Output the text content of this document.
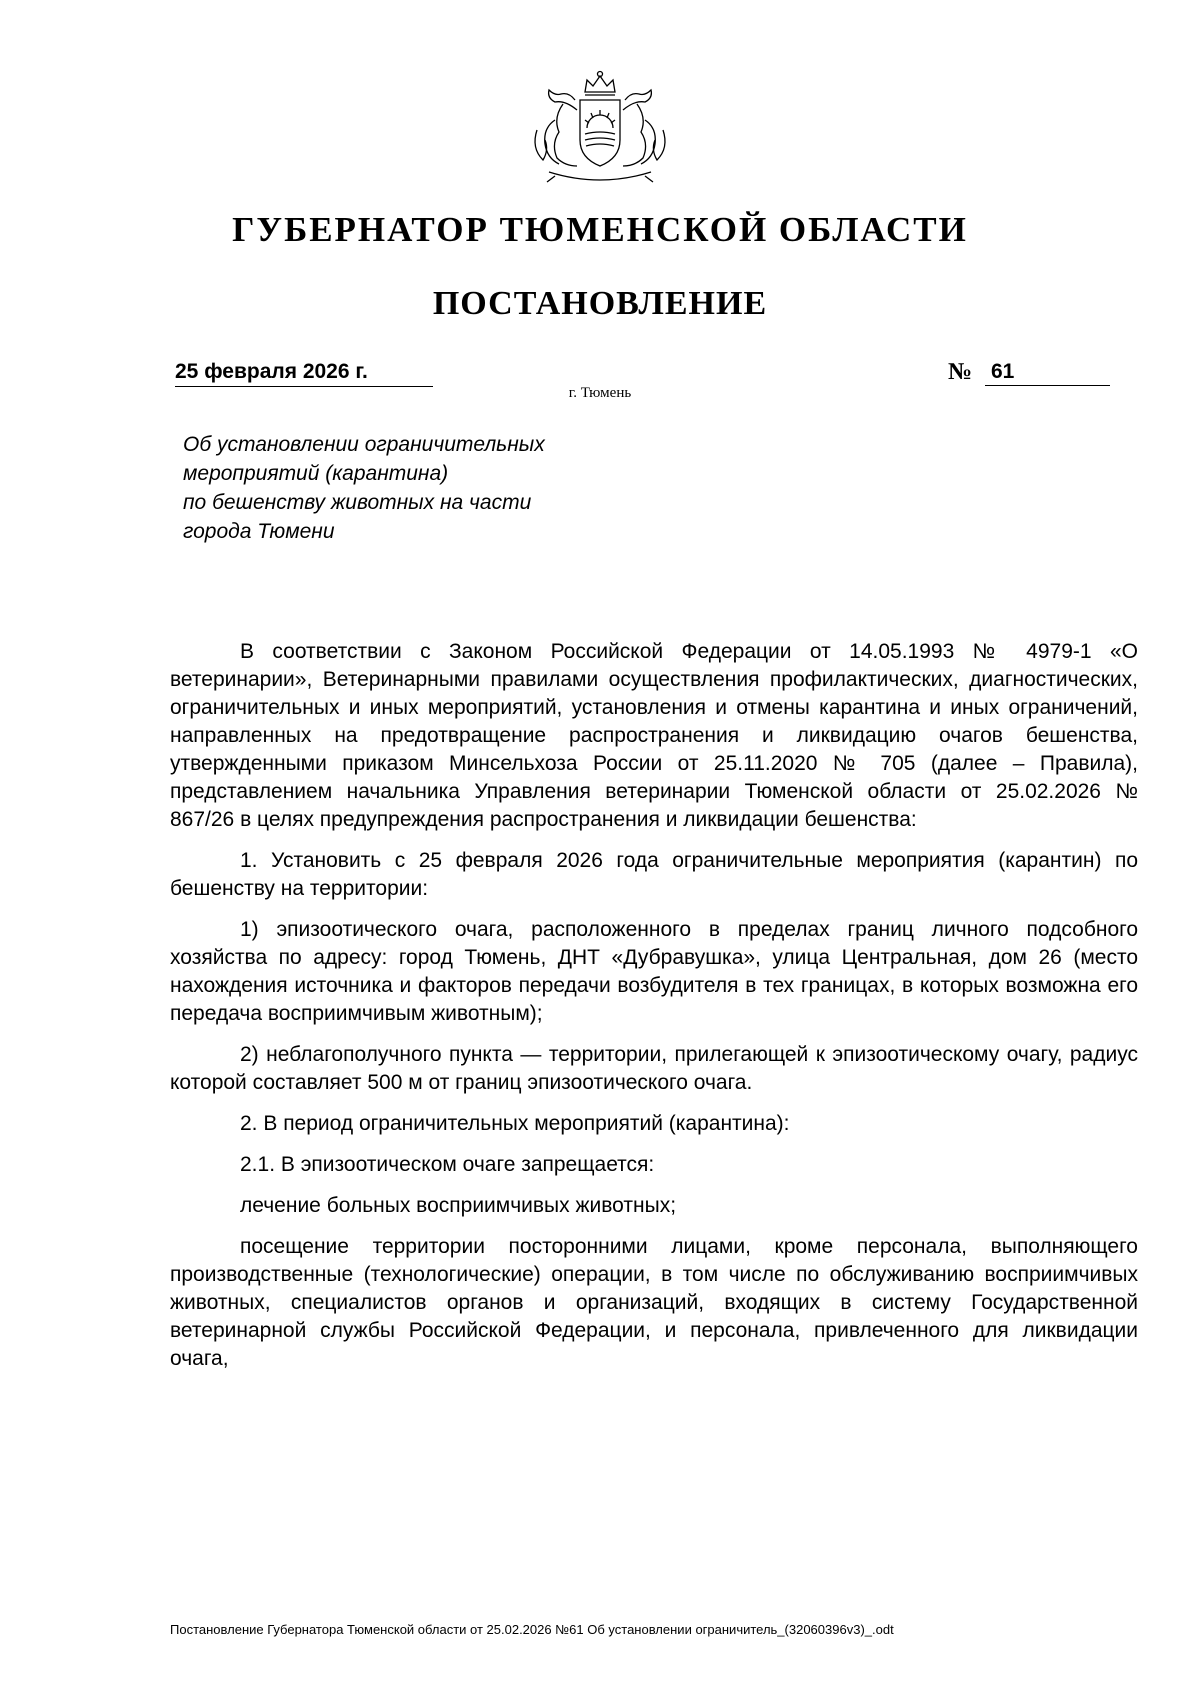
ГУБЕРНАТОР ТЮМЕНСКОЙ ОБЛАСТИ
ПОСТАНОВЛЕНИЕ
25 февраля 2026 г.	№ 61
г. Тюмень
Об установлении ограничительных
мероприятий (карантина)
по бешенству животных на части
города Тюмени

В соответствии с Законом Российской Федерации от 14.05.1993 № 4979-1 «О ветеринарии», Ветеринарными правилами осуществления профилактических, диагностических, ограничительных и иных мероприятий, установления и отмены карантина и иных ограничений, направленных на предотвращение распространения и ликвидацию очагов бешенства, утвержденными приказом Минсельхоза России от 25.11.2020 № 705 (далее – Правила), представлением начальника Управления ветеринарии Тюменской области от 25.02.2026 № 867/26 в целях предупреждения распространения и ликвидации бешенства:

1. Установить с 25 февраля 2026 года ограничительные мероприятия (карантин) по бешенству на территории:

1) эпизоотического очага, расположенного в пределах границ личного подсобного хозяйства по адресу: город Тюмень, ДНТ «Дубравушка», улица Центральная, дом 26 (место нахождения источника и факторов передачи возбудителя в тех границах, в которых возможна его передача восприимчивым животным);

2) неблагополучного пункта — территории, прилегающей к эпизоотическому очагу, радиус которой составляет 500 м от границ эпизоотического очага.

2. В период ограничительных мероприятий (карантина):

2.1. В эпизоотическом очаге запрещается:

лечение больных восприимчивых животных;

посещение территории посторонними лицами, кроме персонала, выполняющего производственные (технологические) операции, в том числе по обслуживанию восприимчивых животных, специалистов органов и организаций, входящих в систему Государственной ветеринарной службы Российской Федерации, и персонала, привлеченного для ликвидации очага,

Постановление Губернатора Тюменской области от 25.02.2026 №61 Об установлении ограничитель_(32060396v3)_.odt
